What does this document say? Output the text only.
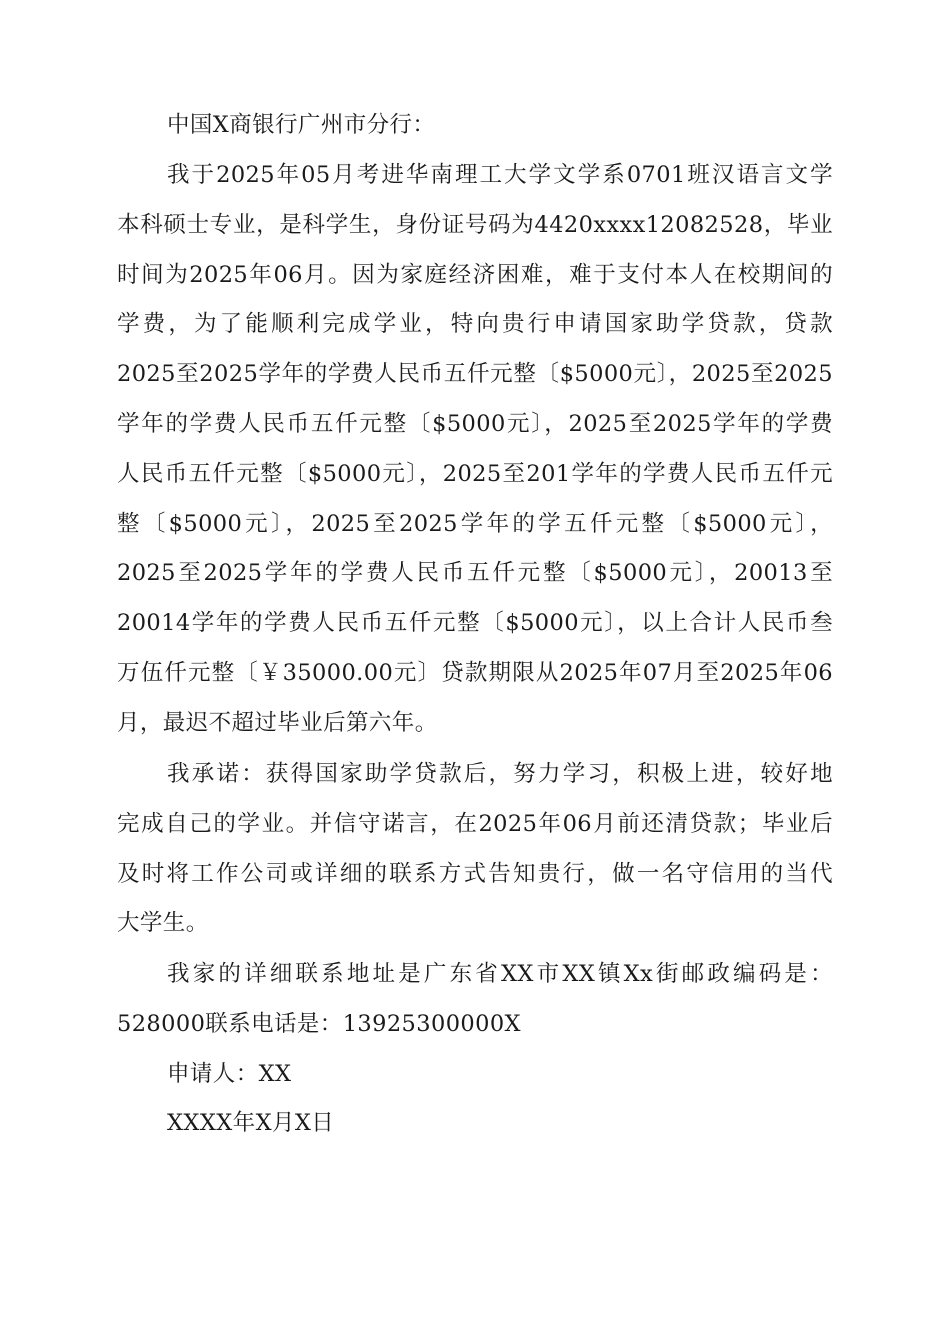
中国X商银行广州市分行：
我于2025年05月考进华南理工大学文学系0701班汉语言文学
本科硕士专业，是科学生，身份证号码为4420xxxx12082528，毕业
时间为2025年06月。因为家庭经济困难，难于支付本人在校期间的
学费，为了能顺利完成学业，特向贵行申请国家助学贷款，贷款
2025至2025学年的学费人民币五仟元整〔$5000元〕，2025至2025
学年的学费人民币五仟元整〔$5000元〕，2025至2025学年的学费
人民币五仟元整〔$5000元〕，2025至201学年的学费人民币五仟元
整〔$5000元〕，2025至2025学年的学五仟元整〔$5000元〕，
2025至2025学年的学费人民币五仟元整〔$5000元〕，20013至
20014学年的学费人民币五仟元整〔$5000元〕，以上合计人民币叁
万伍仟元整〔￥35000.00元〕贷款期限从2025年07月至2025年06
月，最迟不超过毕业后第六年。
我承诺：获得国家助学贷款后，努力学习，积极上进，较好地
完成自己的学业。并信守诺言，在2025年06月前还清贷款；毕业后
及时将工作公司或详细的联系方式告知贵行，做一名守信用的当代
大学生。
我家的详细联系地址是广东省XX市XX镇Xx街邮政编码是：
528000联系电话是：13925300000X
申请人：XX
XXXX年X月X日
